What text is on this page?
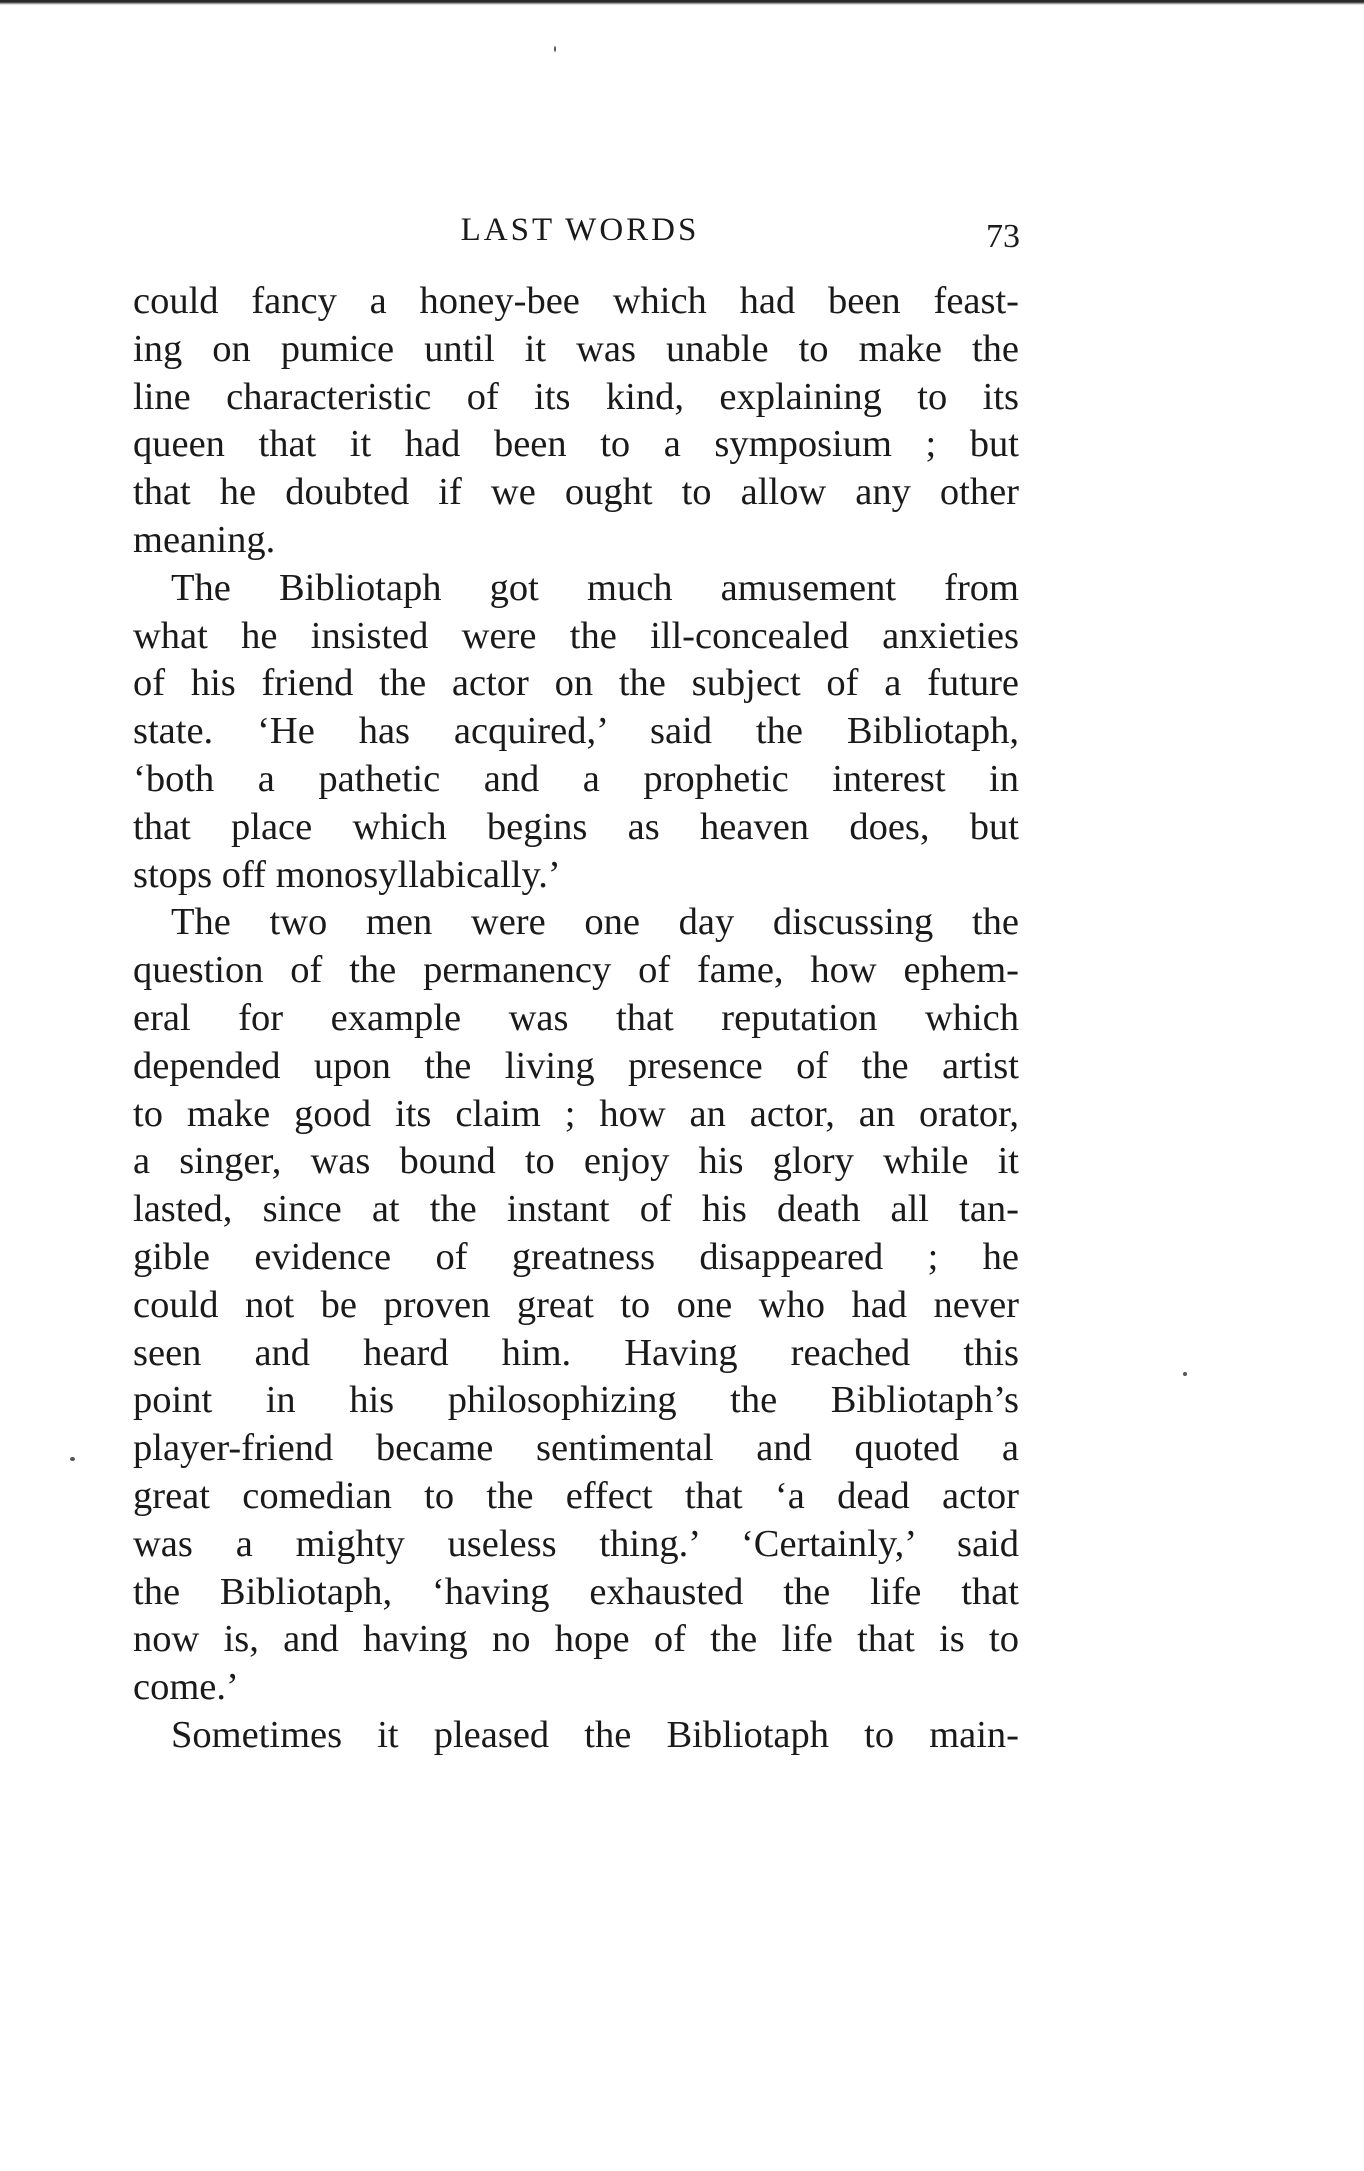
LAST WORDS	73
could fancy a honey-bee which had been feast-
ing on pumice until it was unable to make the
line characteristic of its kind, explaining to its
queen that it had been to a symposium ; but
that he doubted if we ought to allow any other
meaning.
The Bibliotaph got much amusement from
what he insisted were the ill-concealed anxieties
of his friend the actor on the subject of a future
state. ‘He has acquired,’ said the Bibliotaph,
‘both a pathetic and a prophetic interest in
that place which begins as heaven does, but
stops off monosyllabically.’
The two men were one day discussing the
question of the permanency of fame, how ephem-
eral for example was that reputation which
depended upon the living presence of the artist
to make good its claim ; how an actor, an orator,
a singer, was bound to enjoy his glory while it
lasted, since at the instant of his death all tan-
gible evidence of greatness disappeared ; he
could not be proven great to one who had never
seen and heard him. Having reached this
point in his philosophizing the Bibliotaph’s
player-friend became sentimental and quoted a
great comedian to the effect that ‘a dead actor
was a mighty useless thing.’ ‘Certainly,’ said
the Bibliotaph, ‘having exhausted the life that
now is, and having no hope of the life that is to
come.’
Sometimes it pleased the Bibliotaph to main-
